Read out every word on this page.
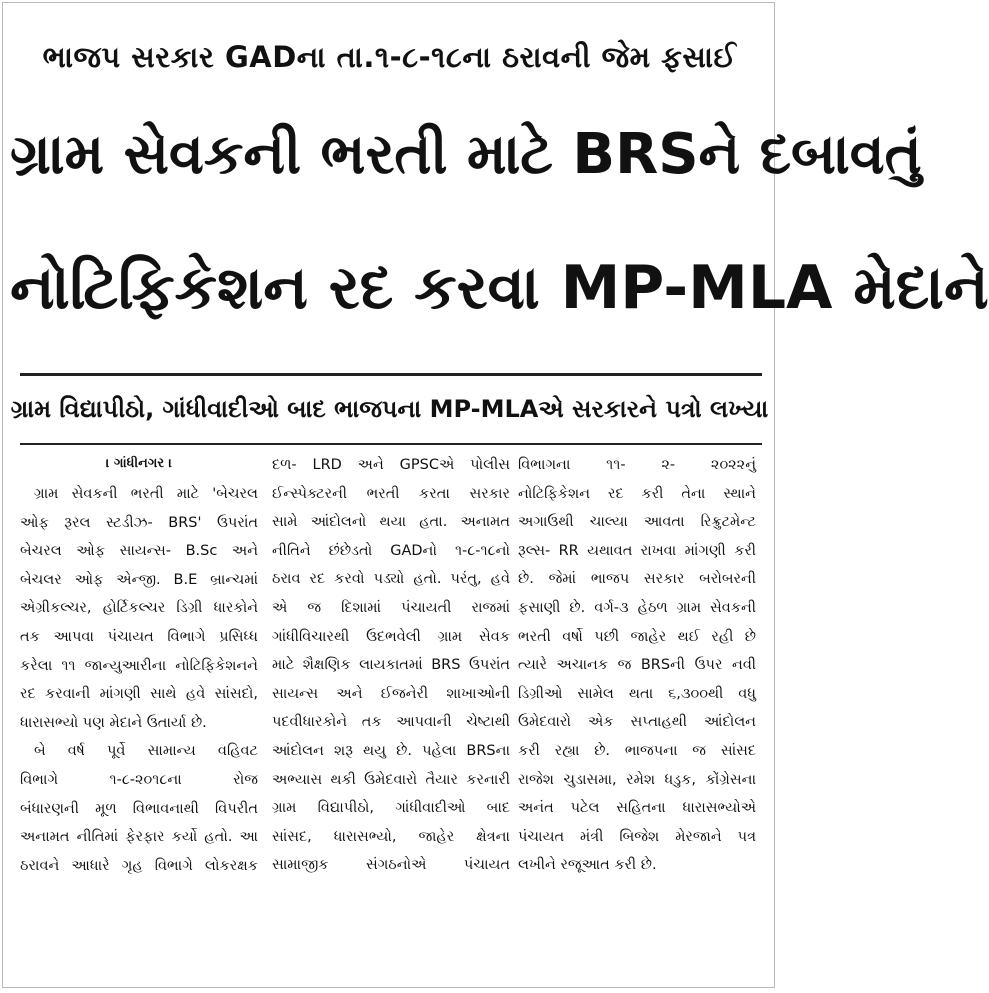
ભાજપ સરકાર GADના તા.૧-૮-૧૮ના ઠરાવની જેમ ફસાઈ
ગ્રામ સેવકની ભરતી માટે BRSને દબાવતું
નોટિફિકેશન રદ કરવા MP-MLA મેદાને
ગ્રામ વિદ્યાપીઠો, ગાંધીવાદીઓ બાદ ભાજપના MP-MLAએ સરકારને પત્રો લખ્યા
। ગાંધીનગર ।
ગ્રામ સેવકની ભરતી માટે 'બેચરલ
ઓફ રૂરલ સ્ટડીઝ- BRS' ઉપરાંત
બેચરલ ઓફ સાયન્સ- B.Sc અને
બેચલર ઓફ એન્જી. B.E બ્રાન્ચમાં
એગ્રીકલ્ચર, હોર્ટિકલ્ચર ડિગ્રી ધારકોને
તક આપવા પંચાયત વિભાગે પ્રસિધ્ધ
કરેલા ૧૧ જાન્યુઆરીના નોટિફિકેશનને
રદ કરવાની માંગણી સાથે હવે સાંસદો,
ધારાસભ્યો પણ મેદાને ઉતાર્યા છે.
બે વર્ષ પૂર્વે સામાન્ય વહિવટ
વિભાગે ૧-૮-૨૦૧૮ના રોજ
બંધારણની મૂળ વિભાવનાથી વિપરીત
અનામત નીતિમાં ફેરફાર કર્યો હતો. આ
ઠરાવને આધારે ગૃહ વિભાગે લોકરક્ષક
દળ- LRD અને GPSCએ પોલીસ
ઈન્સ્પેક્ટરની ભરતી કરતા સરકાર
સામે આંદોલનો થયા હતા. અનામત
નીતિને છંછેડતો GADનો ૧-૮-૧૮નો
ઠરાવ રદ કરવો પડ્યો હતો. પરંતુ, હવે
એ જ દિશામાં પંચાયતી રાજમાં
ગાંધીવિચારથી ઉદભવેલી ગ્રામ સેવક
માટે શૈક્ષણિક લાયકાતમાં BRS ઉપરાંત
સાયન્સ અને ઈજનેરી શાખાઓની
પદવીધારકોને તક આપવાની ચેષ્ટાથી
આંદોલન શરૂ થયુ છે. પહેલા BRSના
અભ્યાસ થકી ઉમેદવારો તૈયાર કરનારી
ગ્રામ વિદ્યાપીઠો, ગાંધીવાદીઓ બાદ
સાંસદ, ધારાસભ્યો, જાહેર ક્ષેત્રના
સામાજીક સંગઠનોએ પંચાયત
વિભાગના ૧૧- ૨- ૨૦૨૨નું
નોટિફિકેશન રદ કરી તેના સ્થાને
અગાઉથી ચાલ્યા આવતા રિક્રુટમેન્ટ
રૂલ્સ- RR યથાવત રાખવા માંગણી કરી
છે. જેમાં ભાજપ સરકાર બરોબરની
ફસાણી છે. વર્ગ-૩ હેઠળ ગ્રામ સેવકની
ભરતી વર્ષો પછી જાહેર થઈ રહી છે
ત્યારે અચાનક જ BRSની ઉપર નવી
ડિગ્રીઓ સામેલ થતા ૬,૩૦૦થી વધુ
ઉમેદવારો એક સપ્તાહથી આંદોલન
કરી રહ્યા છે. ભાજપના જ સાંસદ
રાજેશ ચુડાસમા, રમેશ ધડુક, કોંગ્રેસના
અનંત પટેલ સહિતના ધારાસભ્યોએ
પંચાયત મંત્રી બિજેશ મેરજાને પત્ર
લખીને રજૂઆત કરી છે.
